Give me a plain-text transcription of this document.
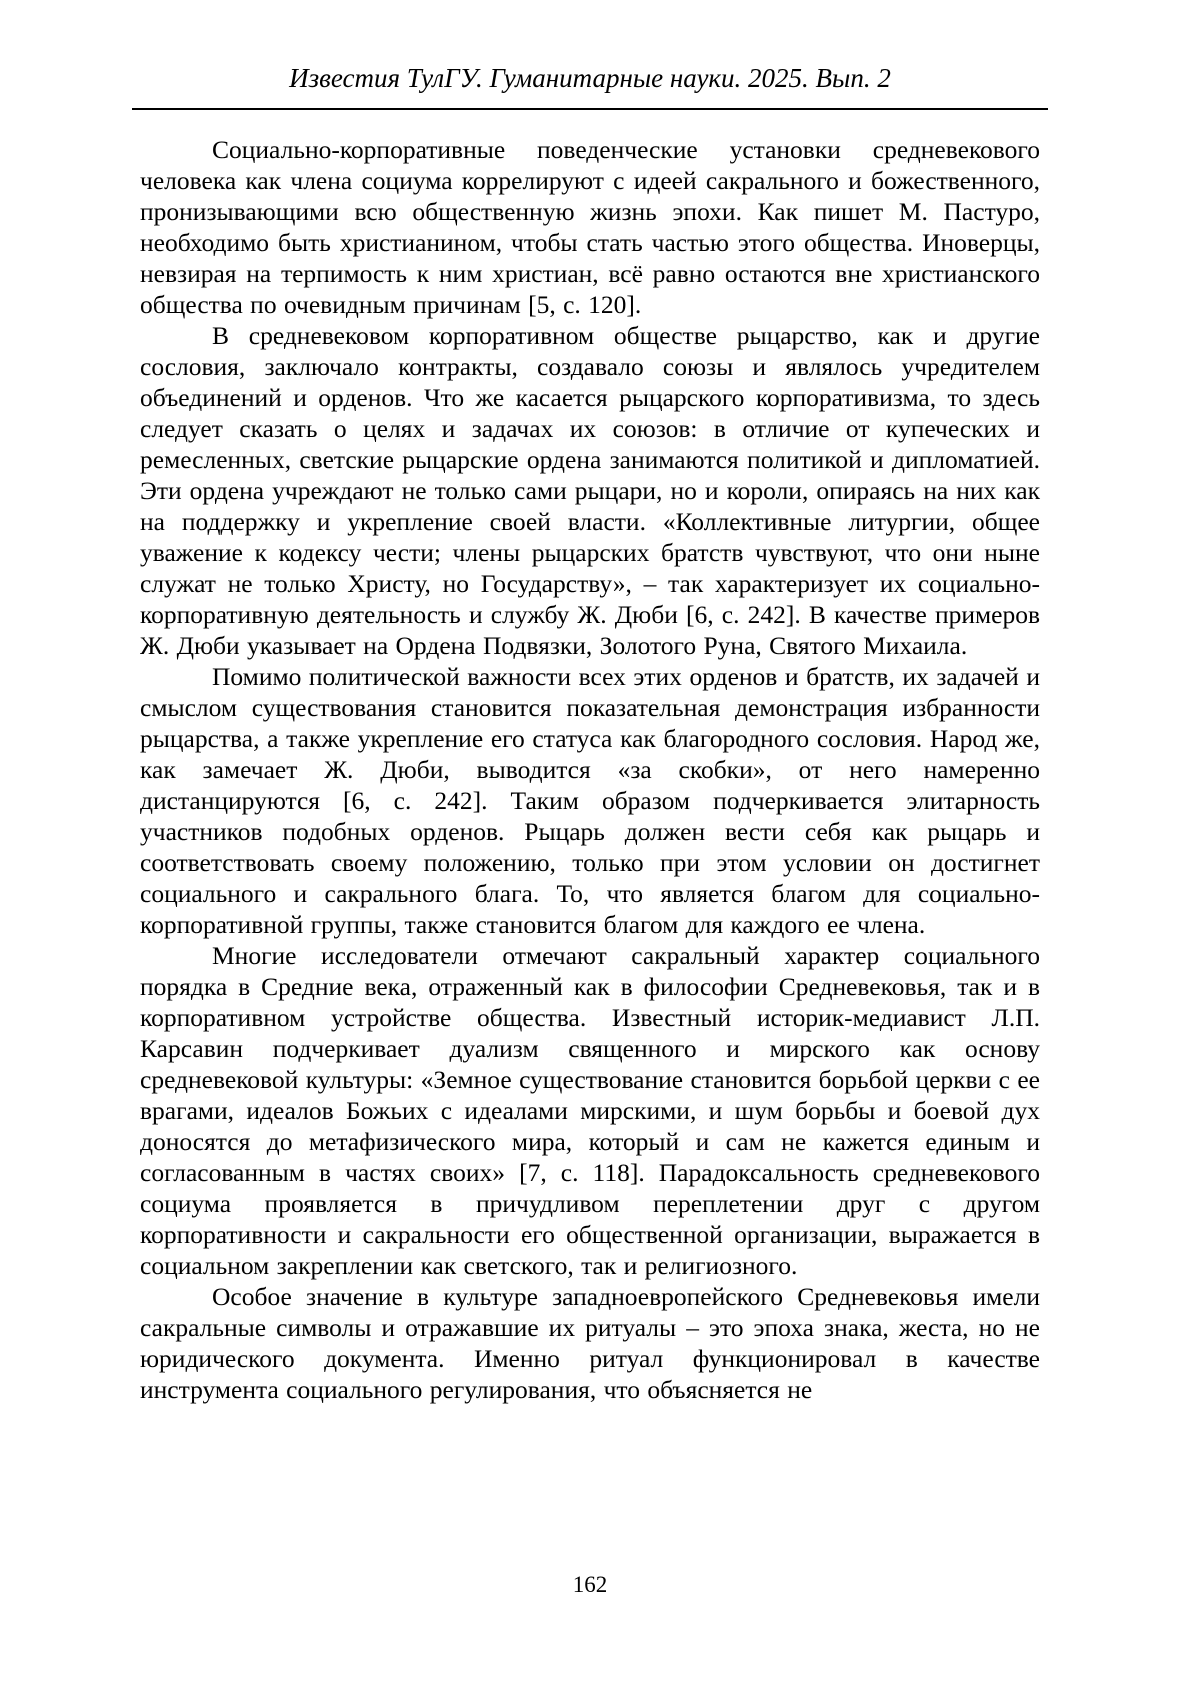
Известия ТулГУ. Гуманитарные науки. 2025. Вып. 2

Социально-корпоративные поведенческие установки средневекового человека как члена социума коррелируют с идеей сакрального и божественного, пронизывающими всю общественную жизнь эпохи. Как пишет М. Пастуро, необходимо быть христианином, чтобы стать частью этого общества. Иноверцы, невзирая на терпимость к ним христиан, всё равно остаются вне христианского общества по очевидным причинам [5, с. 120].

В средневековом корпоративном обществе рыцарство, как и другие сословия, заключало контракты, создавало союзы и являлось учредителем объединений и орденов. Что же касается рыцарского корпоративизма, то здесь следует сказать о целях и задачах их союзов: в отличие от купеческих и ремесленных, светские рыцарские ордена занимаются политикой и дипломатией. Эти ордена учреждают не только сами рыцари, но и короли, опираясь на них как на поддержку и укрепление своей власти. «Коллективные литургии, общее уважение к кодексу чести; члены рыцарских братств чувствуют, что они ныне служат не только Христу, но Государству», – так характеризует их социально-корпоративную деятельность и службу Ж. Дюби [6, с. 242]. В качестве примеров Ж. Дюби указывает на Ордена Подвязки, Золотого Руна, Святого Михаила.

Помимо политической важности всех этих орденов и братств, их задачей и смыслом существования становится показательная демонстрация избранности рыцарства, а также укрепление его статуса как благородного сословия. Народ же, как замечает Ж. Дюби, выводится «за скобки», от него намеренно дистанцируются [6, с. 242]. Таким образом подчеркивается элитарность участников подобных орденов. Рыцарь должен вести себя как рыцарь и соответствовать своему положению, только при этом условии он достигнет социального и сакрального блага. То, что является благом для социально-корпоративной группы, также становится благом для каждого ее члена.

Многие исследователи отмечают сакральный характер социального порядка в Средние века, отраженный как в философии Средневековья, так и в корпоративном устройстве общества. Известный историк-медиавист Л.П. Карсавин подчеркивает дуализм священного и мирского как основу средневековой культуры: «Земное существование становится борьбой церкви с ее врагами, идеалов Божьих с идеалами мирскими, и шум борьбы и боевой дух доносятся до метафизического мира, который и сам не кажется единым и согласованным в частях своих» [7, с. 118]. Парадоксальность средневекового социума проявляется в причудливом переплетении друг с другом корпоративности и сакральности его общественной организации, выражается в социальном закреплении как светского, так и религиозного.

Особое значение в культуре западноевропейского Средневековья имели сакральные символы и отражавшие их ритуалы – это эпоха знака, жеста, но не юридического документа. Именно ритуал функционировал в качестве инструмента социального регулирования, что объясняется не

162
